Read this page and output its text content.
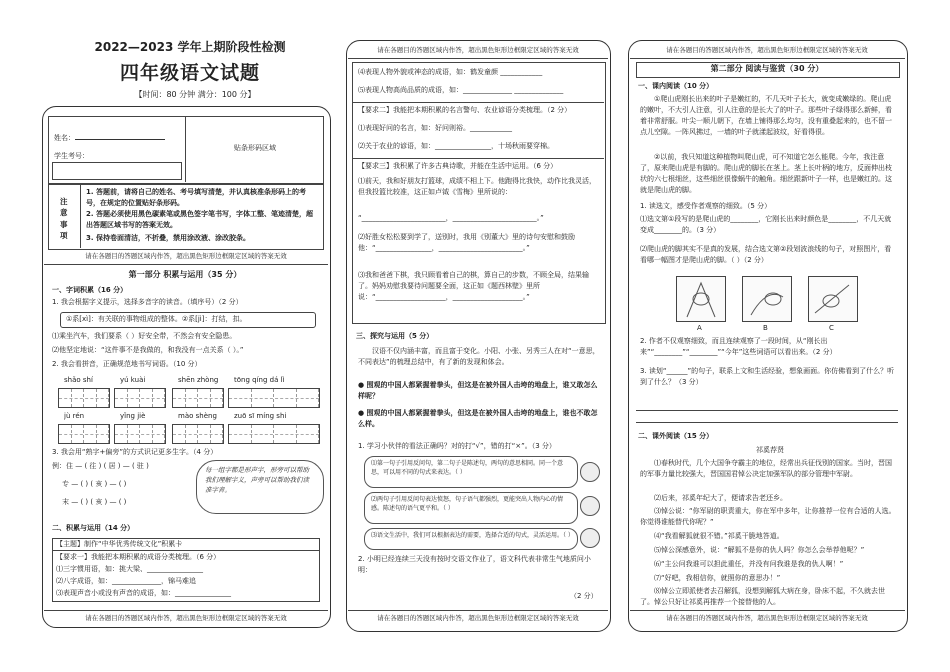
2022—2023 学年上期阶段性检测
四年级语文试题
【时间：80 分钟 满分：100 分】
姓名：
学生考号：
贴条形码区域
注意事项
1. 答题前，请将自己的姓名、考号填写清楚，并认真核准条形码上的考号，在规定的位置贴好条形码。
2. 答题必须使用黑色碳素笔或黑色签字笔书写，字体工整、笔迹清楚，超出答题区域书写的答案无效。
3. 保持卷面清洁，不折叠，禁用涂改液、涂改胶条。
请在各题目的答题区域内作答，超出黑色矩形边框限定区域的答案无效
第一部分 积累与运用（35 分）
一、字词积累（16 分）
1. 我会根据字义提示，选择多音字的读音。（填序号）（2 分）
①系[xì]：有关联的事物组成的整体。②系[jì]：打结，扣。
⑴乘坐汽车，我们要系（ ）好安全带，不然会有安全隐患。
⑵他坚定地说：“这件事不是我做的，和我没有一点关系（ ）。”
2. 我会看拼音，正确规范地书写词语。（10 分）
shǎo shí	yú kuài	shēn zhòng tōng qíng dá lǐ
jù rén	yǐng jiè	mào shèng zuō sī míng shi
3. 我会用“熟字+偏旁”的方式识记更多生字。（4 分）
例：住 — ( 往 ) ( 居 ) — ( 驻 )
专 — ( ) ( 亥 ) — ( )
末 — ( ) ( 亥 ) — ( )
每一组字都是形声字，形旁可以帮助我们理解字义，声旁可以帮助我们读准字音。
二、积累与运用（14 分）
【主题】制作“中华优秀传统文化”积累卡
【要求一】我能把本期积累的成语分类梳理。（6 分）
⑴三字惯用语，如：挑大梁、________________
⑵八字成语，如：______________，锦马难追
⑶表现声音小或没有声音的成语，如：________________
请在各题目的答题区域内作答，超出黑色矩形边框限定区域的答案无效
请在各题目的答题区域内作答，超出黑色矩形边框限定区域的答案无效
⑷表现人物外貌或神态的成语，如：鹤发童颜 ____________
⑸表现人物高尚品质的成语，如：______________ ______________
【要求二】我能把本期积累的名言警句、农业谚语分类梳理。（2 分）
⑴表现好问的名言，如：好问则裕。____________
⑵关于农业的谚语，如：________________，十场秋雨要穿棉。
【要求三】我积累了许多古典诗歌，并能在生活中运用。（6 分）
⑴前天，我和好朋友打篮球，成绩不相上下。他跑得比我快，动作比我灵活，但我投篮比较准，这正如卢钺《雪梅》里所说的：
“________________________，________________________。”
⑵好胜女松松要到学了，送别时，我用《别董大》里的诗句安慰和鼓励他：“________________，________________________。”
⑶我和爸爸下棋，我只顾看着自己的棋，算自己的步数，不顾全局，结果输了。妈妈劝慰我要待问题要全面，这正如《题西林壁》里所说：“____________________，____________________。”
三、探究与运用（5 分）
汉语不仅内涵丰富，而且富于变化。小阳、小张、另秀三人在对“一意思，不同表达”的梳理总结中，有了新的发现和体会。
● 围观的中国人都紧握着拳头，但这是在被外国人击垮的地盘上，谁又敢怎么样呢？
● 围观的中国人都紧握着拳头，但这是在被外国人击垮的地盘上，谁也不敢怎么样。
1. 学习小伙伴的看法正确吗？对的打“√”，错的打“×”。（3 分）
⑴第一句子引用反问句，第二句子是陈述句，两句的意思相同。同一个意思，可以用不同的句式来表达。（ ）
⑵两句子引用反问句表达愤怒，句子语气都强烈，更能突出人物内心的情感。陈述句的语气更平和。（ ）
⑶语文生活中，我们可以根据表达的需要，选择合适的句式，灵活运用。（ ）
2. 小明已经连续三天没有按时交语文作业了，语文科代表非常生气地质问小明：
（2 分）
请在各题目的答题区域内作答，超出黑色矩形边框限定区域的答案无效
请在各题目的答题区域内作答，超出黑色矩形边框限定区域的答案无效
第二部分 阅读与鉴赏（30 分）
一、课内阅读（10 分）
①爬山虎刚长出来的叶子是嫩红的，不几天叶子长大，就变成嫩绿的。爬山虎的嫩叶，不大引人注意，引人注意的是长大了的叶子。那些叶子绿得那么新鲜，看着非常舒服。叶尖一顺儿朝下，在墙上铺得那么均匀，没有重叠起来的，也不留一点儿空隙。一阵风拂过，一墙的叶子就漾起波纹，好看得很。
②以前，我只知道这种植物叫爬山虎，可不知道它怎么能爬。今年，我注意了，原来爬山虎是有脚的。爬山虎的脚长在茎上。茎上长叶柄的地方，反面伸出枝状的六七根细丝，这些细丝很像蜗牛的触角。细丝跟新叶子一样，也是嫩红的。这就是爬山虎的脚。
1. 读选文，感受作者观察的细致。（5 分）
⑴选文第①段写的是爬山虎的________，它刚长出来时颜色是________，不几天就变成________的。（3 分）
⑵爬山虎的脚其实不是真的发展，结合选文第②段划波浪线的句子，对照图片，看看哪一幅图才是爬山虎的脚。（ ）（2 分）
A	B	C
2. 作者不仅观察细致，而且连续观察了一段时间，从“刚长出来”“________”“________”“今年”这些词语可以看出来。（2 分）
3. 读划“______”的句子，联系上文和生活经验，想象画面。你仿佛看到了什么？听到了什么？（3 分）
二、课外阅读（15 分）
祁奚荐贤
⑴春秋时代，几个大国争夺霸主的地位，经常出兵征伐别的国家。当时，晋国的军事力量比较强大，晋国国君悼公决定加强军队的部分管理中军尉。
⑵后来，祁奚年纪大了，便请求告老还乡。
⑶悼公说：“你军尉的职责重大，你在军中多年，让你推荐一位有合适的人选。你觉得谁能替代你呢？”
⑷“我看解狐就很不错。”祁奚干脆地答道。
⑸悼公深感意外，说：“解狐不是你的仇人吗？你怎么会举荐他呢？”
⑹“主公问我谁可以担此重任，并没有问我谁是我的仇人啊！”
⑺“好吧，我相信你，就照你的意思办！”
⑻悼公立即派使者去召解狐，没想到解狐大病在身，卧床不起，不久就去世了。悼公只好让祁奚再推荐一个接替他的人。
请在各题目的答题区域内作答，超出黑色矩形边框限定区域的答案无效
